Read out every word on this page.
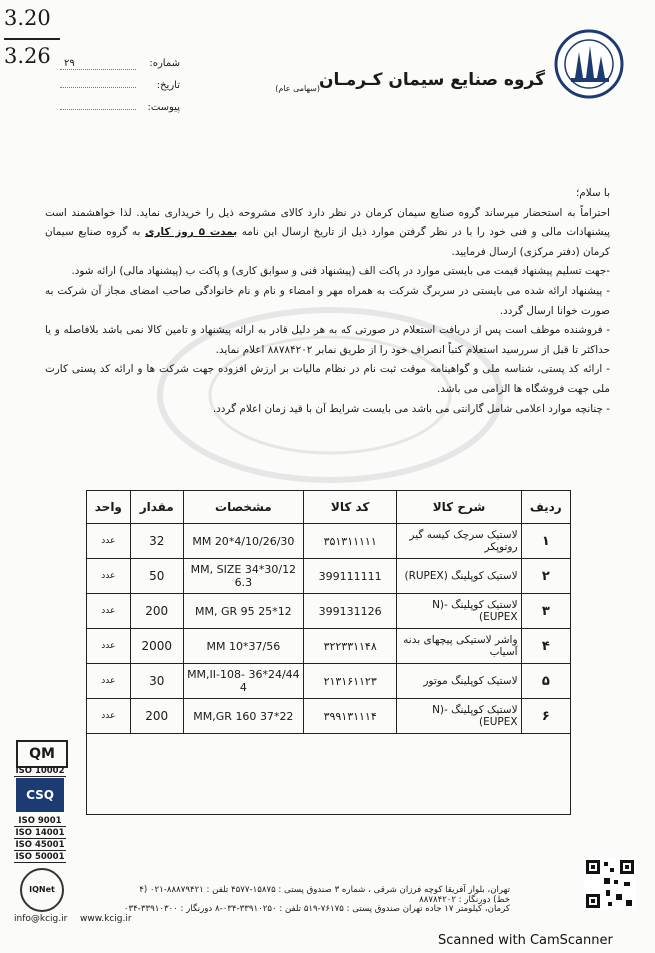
3.20
3.26	شماره:
۲۹
تاریخ:
پیوست:
گروه صنایع سیمان کـرمـان
(سهامی عام)

با سلام؛

احتراماً به استحضار میرساند گروه صنایع سیمان کرمان در نظر دارد کالای مشروحه ذیل را خریداری نماید. لذا خواهشمند است پیشنهادات مالی و فنی خود را با در نظر گرفتن موارد ذیل از تاریخ ارسال این نامه بمدت ۵ روز کاری به گروه صنایع سیمان کرمان (دفتر مرکزی) ارسال فرمایید.

-جهت تسلیم پیشنهاد قیمت می بایستی موارد در پاکت الف (پیشنهاد فنی و سوابق کاری) و پاکت ب (پیشنهاد مالی) ارائه شود.

- پیشنهاد ارائه شده می بایستی در سربرگ شرکت به همراه مهر و امضاء و نام و نام خانوادگی صاحب امضای مجاز آن شرکت به صورت خوانا ارسال گردد.

- فروشنده موظف است پس از دریافت استعلام در صورتی که به هر دلیل قادر به ارائه پیشنهاد و تامین کالا نمی باشد بلافاصله و یا حداکثر تا قبل از سررسید استعلام کتباً انصراف خود را از طریق نمابر ۸۸۷۸۴۲۰۲ اعلام نماید.

- ارائه کد پستی، شناسه ملی و گواهینامه موقت ثبت نام در نظام مالیات بر ارزش افزوده جهت شرکت ها و ارائه کد پستی کارت ملی جهت فروشگاه ها الزامی می باشد.

- چنانچه موارد اعلامی شامل گارانتی می باشد می بایست شرایط آن با قید زمان اعلام گردد.

ردیف	شرح کالا	کد کالا	مشخصات	مقدار	واحد
۱	لاستیک سرچک کیسه گیر روتوپکر	۳۵۱۳۱۱۱۱۱	4/10/26/30*20 MM	32	عدد
۲	لاستیک کوپلینگ (RUPEX)	399111111	30/12*34 MM, SIZE 6.3	50	عدد
۳	لاستیک کوپلینگ -N) EUPEX)	399131126	12*25 MM, GR 95	200	عدد
۴	واشر لاستیکی پیچهای بدنه آسیاب	۳۲۲۳۳۱۱۴۸	37/56*10 MM	2000	عدد
۵	لاستیک کوپلینگ موتور	۲۱۳۱۶۱۱۲۳	24/44*36 MM,II-108-4	30	عدد
۶	لاستیک کوپلینگ -N) EUPEX)	۳۹۹۱۳۱۱۱۴	22*37 MM,GR 160	200	عدد

QM
ISO 10002
CSQ
ISO 9001
ISO 14001
ISO 45001
ISO 50001
IQNet	تهران، بلوار آفریقا کوچه فرزان شرقی ، شماره ۳ صندوق پستی : ۱۵۸۷۵-۴۵۷۷ تلفن : ۸۸۸۷۹۴۲۱-۰۲۱ (۴ خط) دورنگار : ۸۸۷۸۴۲۰۲
کرمان، کیلومتر ۱۷ جاده تهران صندوق پستی : ۷۶۱۷۵-۵۱۹ تلفن : ۳۳۹۱۰۲۵۰-۰۳۴-۸ دورنگار : ۳۳۹۱۰۳۰۰-۰۳۴
www.kcig.ir
info@kcig.ir
Scanned with CamScanner
